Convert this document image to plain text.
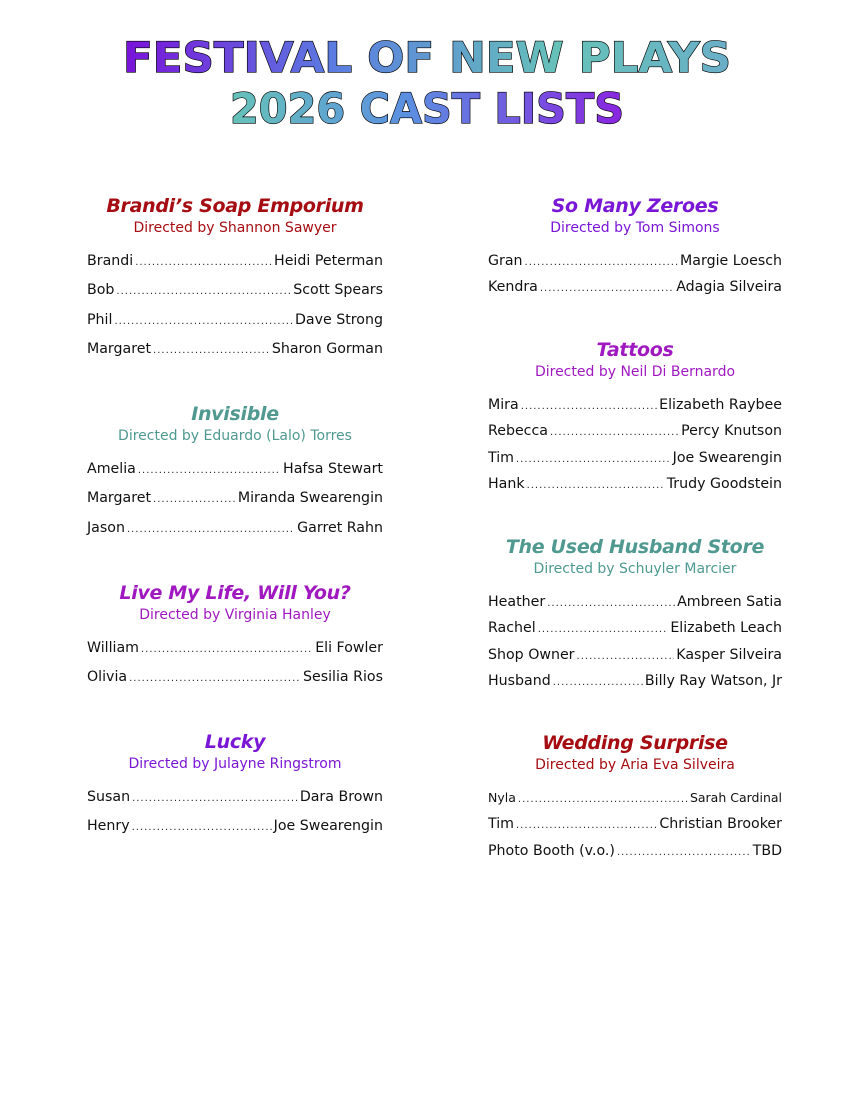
FESTIVAL OF NEW PLAYS
2026 CAST LISTS
Brandi’s Soap Emporium

Directed by Shannon Sawyer

Brandi .....	Heidi Peterman
Bob .....	Scott Spears
Phil .....	Dave Strong
Margaret .....	Sharon Gorman
Invisible

Directed by Eduardo (Lalo) Torres

Amelia .....	Hafsa Stewart
Margaret .....	Miranda Swearengin
Jason .....	Garret Rahn
Live My Life, Will You?

Directed by Virginia Hanley

William .....	Eli Fowler
Olivia .....	Sesilia Rios
Lucky

Directed by Julayne Ringstrom

Susan .....	Dara Brown
Henry .....	Joe Swearengin
So Many Zeroes

Directed by Tom Simons

Gran .....	Margie Loesch
Kendra .....	Adagia Silveira
Tattoos

Directed by Neil Di Bernardo

Mira .....	Elizabeth Raybee
Rebecca .....	Percy Knutson
Tim .....	Joe Swearengin
Hank .....	Trudy Goodstein
The Used Husband Store

Directed by Schuyler Marcier

Heather .....	Ambreen Satia
Rachel .....	Elizabeth Leach
Shop Owner .....	Kasper Silveira
Husband .....	Billy Ray Watson, Jr
Wedding Surprise

Directed by Aria Eva Silveira

Nyla .....	Sarah Cardinal
Tim .....	Christian Brooker
Photo Booth (v.o.) .....	TBD
